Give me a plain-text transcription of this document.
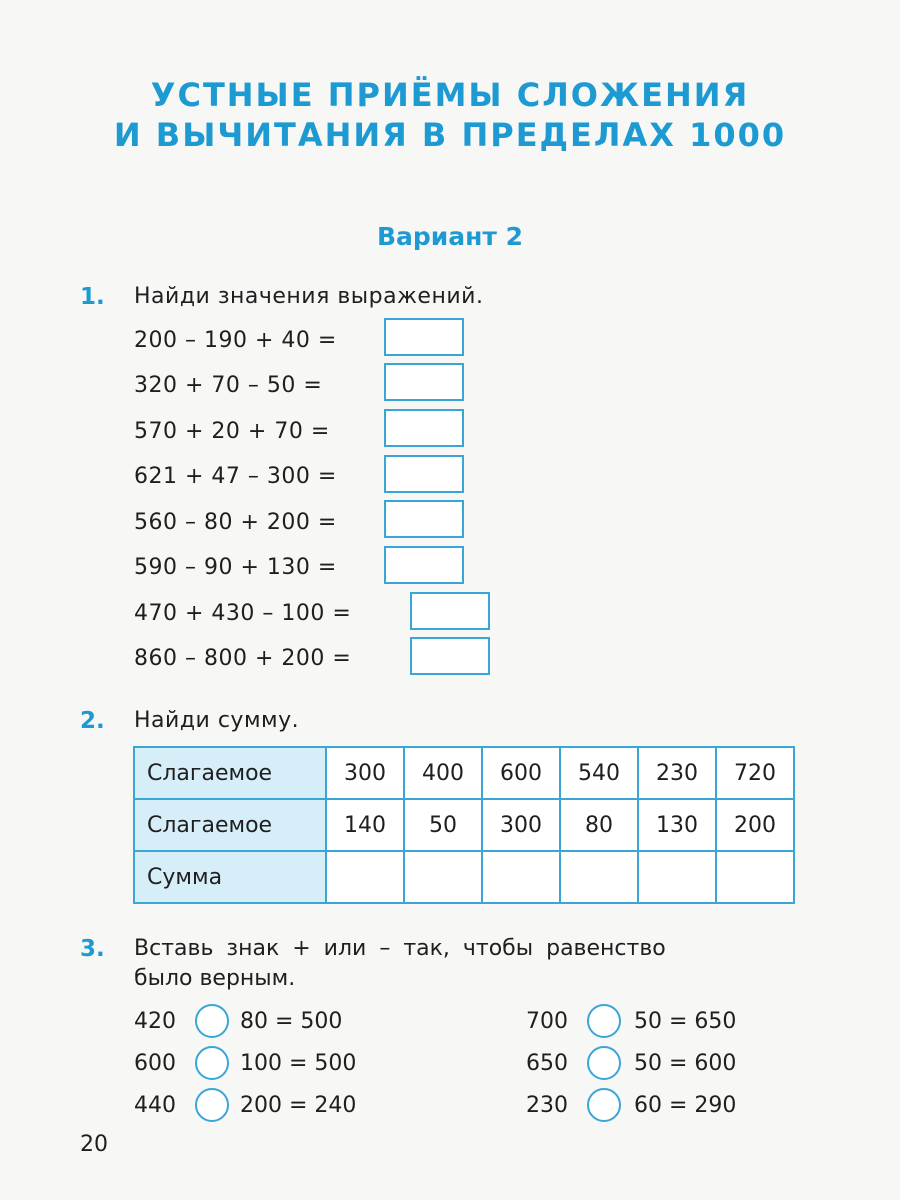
УСТНЫЕ ПРИЁМЫ СЛОЖЕНИЯ
И ВЫЧИТАНИЯ В ПРЕДЕЛАХ 1000
Вариант 2
1. Найди значения выражений.
200 – 190 + 40 =
320 + 70 – 50 =
570 + 20 + 70 =
621 + 47 – 300 =
560 – 80 + 200 =
590 – 90 + 130 =
470 + 430 – 100 =
860 – 800 + 200 =
2. Найди сумму.
Слагаемое	300	400	600	540	230	720
Слагаемое	140	50	300	80	130	200
Сумма						
3. Вставь знак + или – так, чтобы равенство
было верным.
420	80 = 500
600	100 = 500
440	200 = 240
700	50 = 650
650	50 = 600
230	60 = 290
20
